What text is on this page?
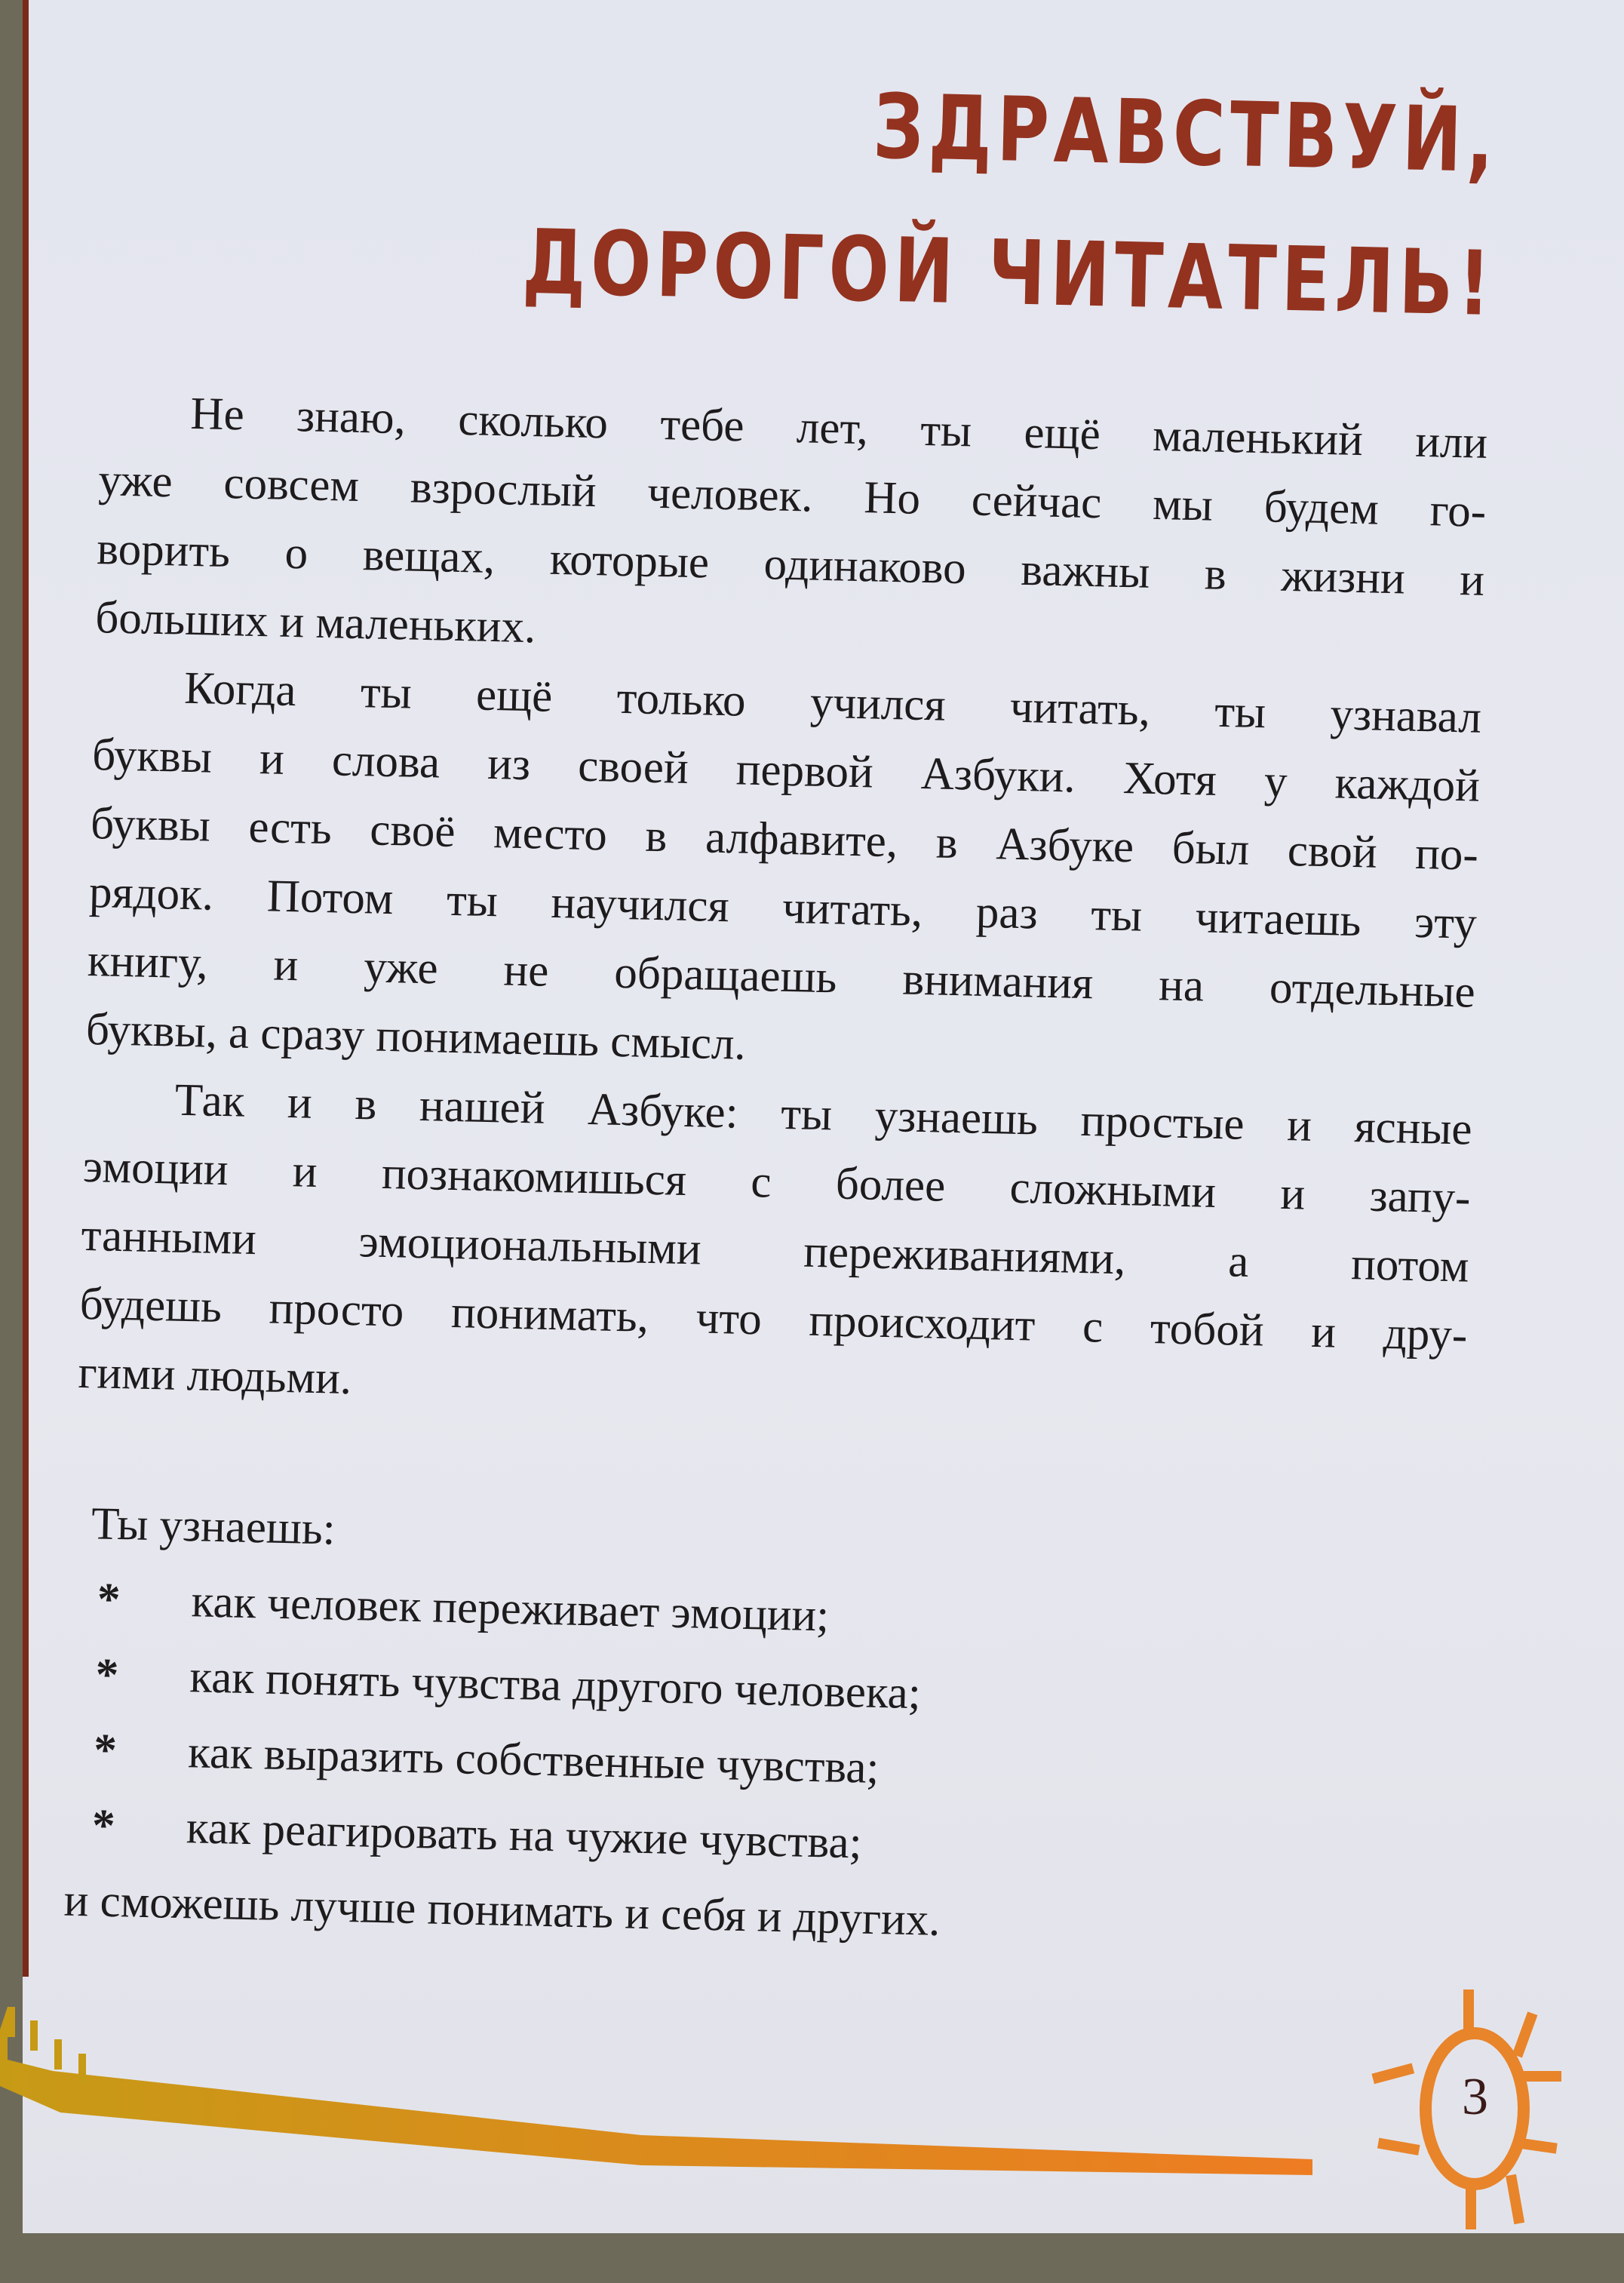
ЗДРАВСТВУЙ,
ДОРОГОЙ ЧИТАТЕЛЬ!
Не знаю, сколько тебе лет, ты ещё маленький или
уже совсем взрослый человек. Но сейчас мы будем го-
ворить о вещах, которые одинаково важны в жизни и
больших и маленьких.
Когда ты ещё только учился читать, ты узнавал
буквы и слова из своей первой Азбуки. Хотя у каждой
буквы есть своё место в алфавите, в Азбуке был свой по-
рядок. Потом ты научился читать, раз ты читаешь эту
книгу, и уже не обращаешь внимания на отдельные
буквы, а сразу понимаешь смысл.
Так и в нашей Азбуке: ты узнаешь простые и ясные
эмоции и познакомишься с более сложными и запу-
танными эмоциональными переживаниями, а потом
будешь просто понимать, что происходит с тобой и дру-
гими людьми.
Ты узнаешь:
* как человек переживает эмоции;
* как понять чувства другого человека;
* как выразить собственные чувства;
* как реагировать на чужие чувства;
и сможешь лучше понимать и себя и других.
3
